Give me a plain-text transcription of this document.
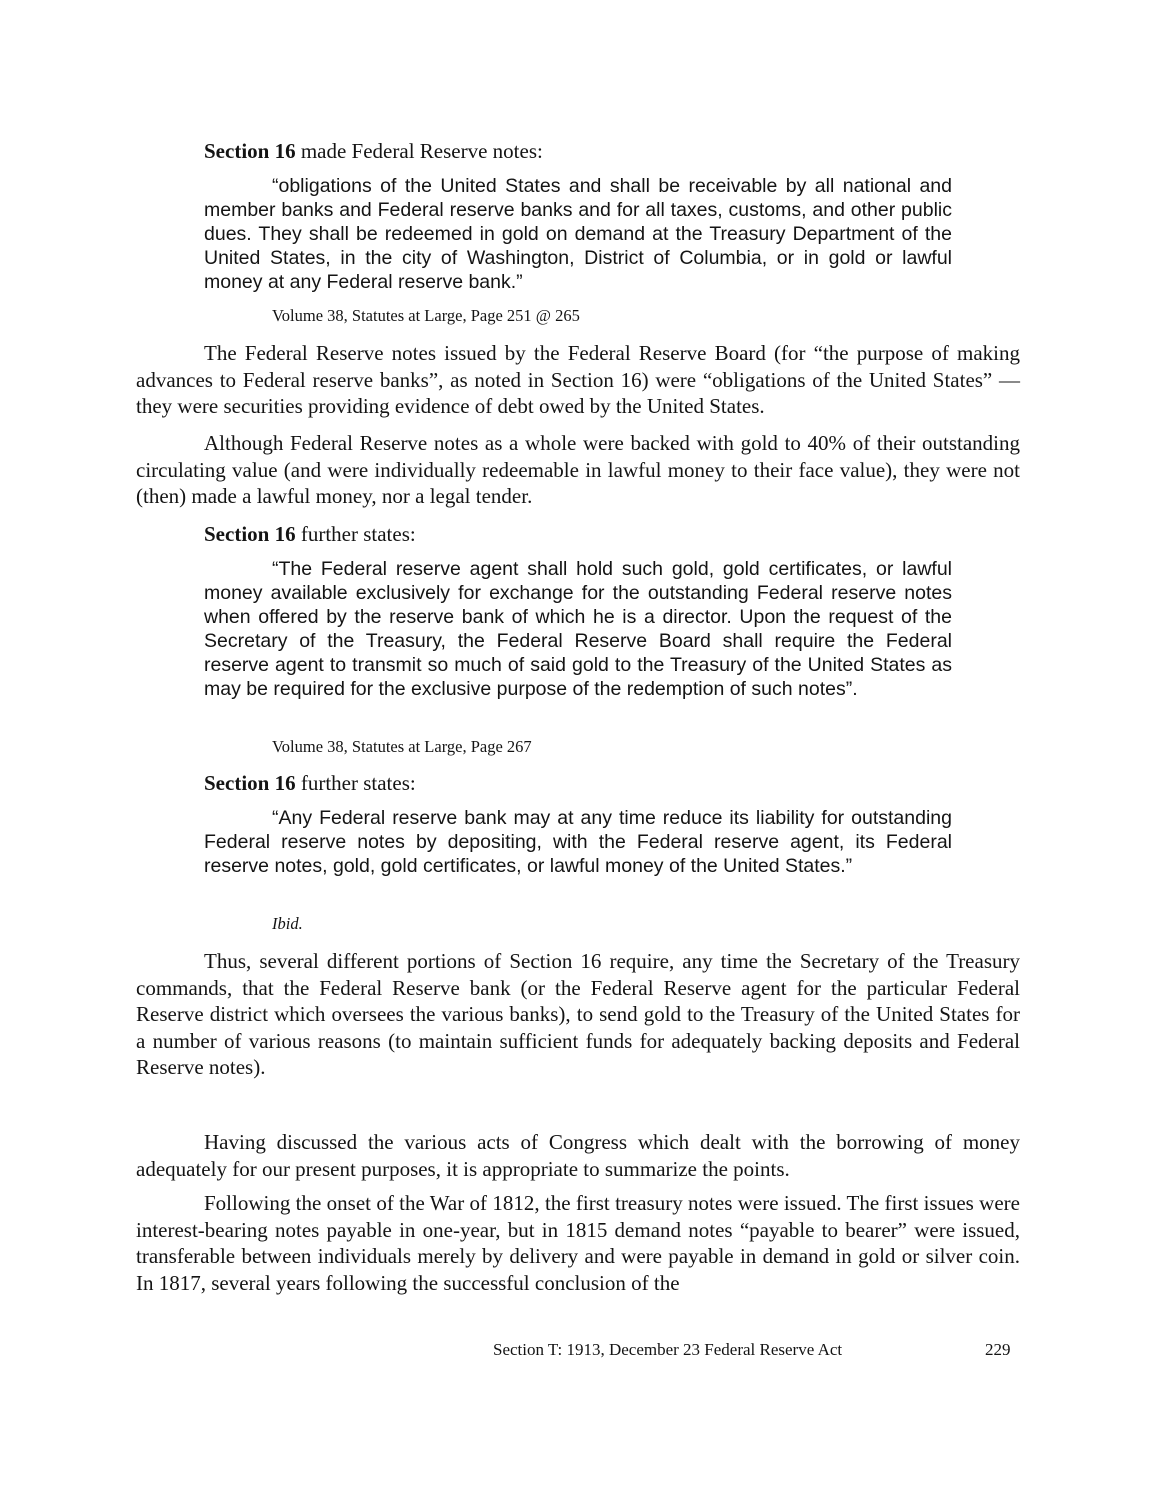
Section 16 made Federal Reserve notes:

“obligations of the United States and shall be receivable by all national and member banks and Federal reserve banks and for all taxes, customs, and other public dues. They shall be redeemed in gold on demand at the Treasury Department of the United States, in the city of Washington, District of Columbia, or in gold or lawful money at any Federal reserve bank.”

Volume 38, Statutes at Large, Page 251 @ 265

The Federal Reserve notes issued by the Federal Reserve Board (for “the purpose of making advances to Federal reserve banks”, as noted in Section 16) were “obligations of the United States” — they were securities providing evidence of debt owed by the United States.

Although Federal Reserve notes as a whole were backed with gold to 40% of their outstanding circulating value (and were individually redeemable in lawful money to their face value), they were not (then) made a lawful money, nor a legal tender.

Section 16 further states:

“The Federal reserve agent shall hold such gold, gold certificates, or lawful money available exclusively for exchange for the outstanding Federal reserve notes when offered by the reserve bank of which he is a director. Upon the request of the Secretary of the Treasury, the Federal Reserve Board shall require the Federal reserve agent to transmit so much of said gold to the Treasury of the United States as may be required for the exclusive purpose of the redemption of such notes”.

Volume 38, Statutes at Large, Page 267

Section 16 further states:

“Any Federal reserve bank may at any time reduce its liability for outstanding Federal reserve notes by depositing, with the Federal reserve agent, its Federal reserve notes, gold, gold certificates, or lawful money of the United States.”

Ibid.

Thus, several different portions of Section 16 require, any time the Secretary of the Treasury commands, that the Federal Reserve bank (or the Federal Reserve agent for the particular Federal Reserve district which oversees the various banks), to send gold to the Treasury of the United States for a number of various reasons (to maintain sufficient funds for adequately backing deposits and Federal Reserve notes).

Having discussed the various acts of Congress which dealt with the borrowing of money adequately for our present purposes, it is appropriate to summarize the points.

Following the onset of the War of 1812, the first treasury notes were issued. The first issues were interest-bearing notes payable in one-year, but in 1815 demand notes “payable to bearer” were issued, transferable between individuals merely by delivery and were payable in demand in gold or silver coin. In 1817, several years following the successful conclusion of the

Section T: 1913, December 23 Federal Reserve Act	229
